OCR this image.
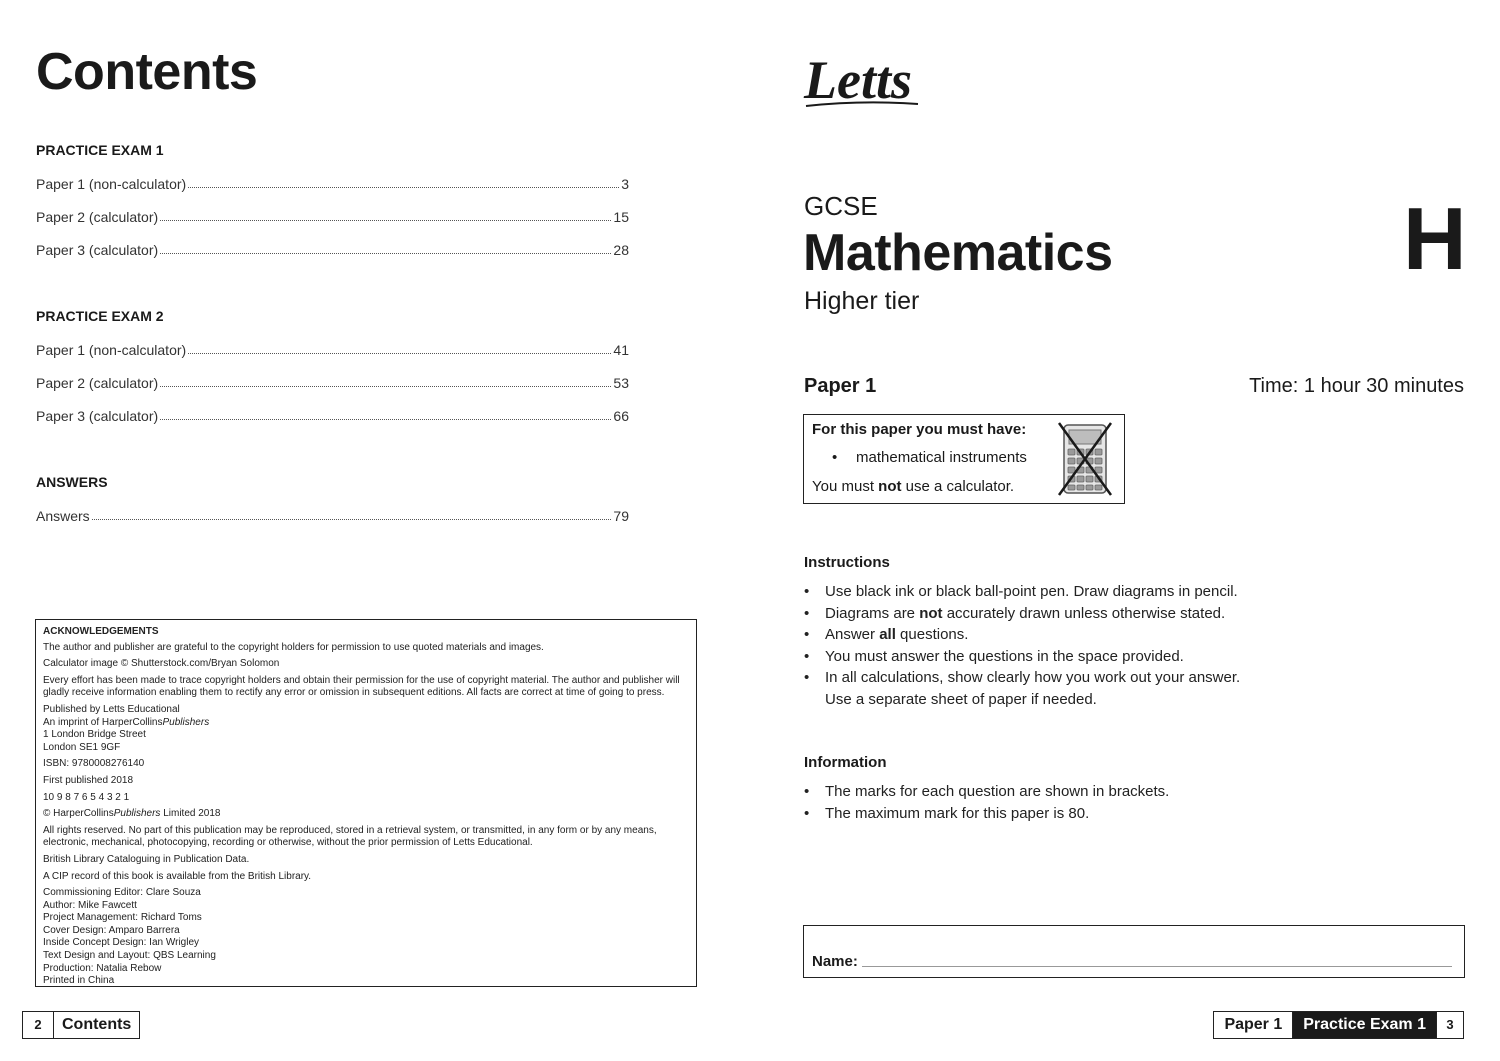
Contents
PRACTICE EXAM 1
Paper 1 (non-calculator)	3
Paper 2 (calculator)	15
Paper 3 (calculator)	28
PRACTICE EXAM 2
Paper 1 (non-calculator)	41
Paper 2 (calculator)	53
Paper 3 (calculator)	66
ANSWERS
Answers	79
ACKNOWLEDGEMENTS
The author and publisher are grateful to the copyright holders for permission to use quoted materials and images.
Calculator image © Shutterstock.com/Bryan Solomon
Every effort has been made to trace copyright holders and obtain their permission for the use of copyright material. The author and publisher will gladly receive information enabling them to rectify any error or omission in subsequent editions. All facts are correct at time of going to press.
Published by Letts Educational
An imprint of HarperCollinsPublishers
1 London Bridge Street
London SE1 9GF
ISBN: 9780008276140
First published 2018
10 9 8 7 6 5 4 3 2 1
© HarperCollinsPublishers Limited 2018
All rights reserved. No part of this publication may be reproduced, stored in a retrieval system, or transmitted, in any form or by any means, electronic, mechanical, photocopying, recording or otherwise, without the prior permission of Letts Educational.
British Library Cataloguing in Publication Data.
A CIP record of this book is available from the British Library.
Commissioning Editor: Clare Souza
Author: Mike Fawcett
Project Management: Richard Toms
Cover Design: Amparo Barrera
Inside Concept Design: Ian Wrigley
Text Design and Layout: QBS Learning
Production: Natalia Rebow
Printed in China
2	Contents
Letts
GCSE
Mathematics
Higher tier
H
Paper 1	Time: 1 hour 30 minutes
For this paper you must have:
• mathematical instruments
You must not use a calculator.
Instructions
•	Use black ink or black ball-point pen. Draw diagrams in pencil.
•	Diagrams are not accurately drawn unless otherwise stated.
•	Answer all questions.
•	You must answer the questions in the space provided.
•	In all calculations, show clearly how you work out your answer.
Use a separate sheet of paper if needed.
Information
•	The marks for each question are shown in brackets.
•	The maximum mark for this paper is 80.
Name:
Paper 1	Practice Exam 1	3
